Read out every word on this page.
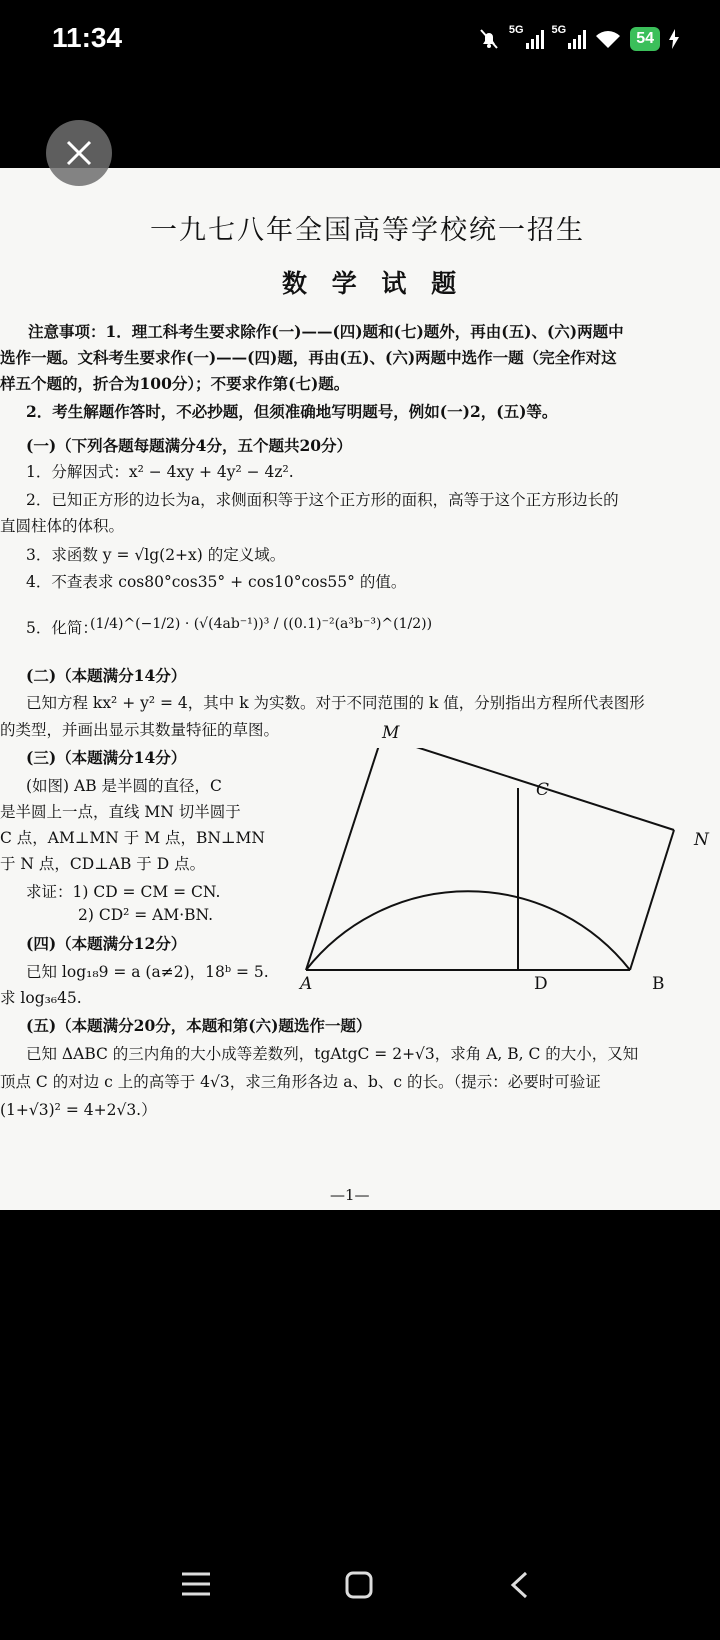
11:34	5G	5G	54
一九七八年全国高等学校统一招生
数 学 试 题
注意事项：1．理工科考生要求除作(一)——(四)题和(七)题外，再由(五)、(六)两题中
选作一题。文科考生要求作(一)——(四)题，再由(五)、(六)两题中选作一题（完全作对这
样五个题的，折合为100分）；不要求作第(七)题。
2．考生解题作答时，不必抄题，但须准确地写明题号，例如(一)2，(五)等。
(一)（下列各题每题满分4分，五个题共20分）
1．分解因式：x² − 4xy + 4y² − 4z².
2．已知正方形的边长为a，求侧面积等于这个正方形的面积，高等于这个正方形边长的
直圆柱体的体积。
3．求函数 y = √lg(2+x) 的定义域。
4．不查表求 cos80°cos35° + cos10°cos55° 的值。
5．化简：
(1/4)^(−1/2) · (√(4ab⁻¹))³ / ((0.1)⁻²(a³b⁻³)^(1/2))
(二)（本题满分14分）
已知方程 kx² + y² = 4，其中 k 为实数。对于不同范围的 k 值，分别指出方程所代表图形
的类型，并画出显示其数量特征的草图。
(三)（本题满分14分）
(如图) AB 是半圆的直径，C
是半圆上一点，直线 MN 切半圆于
C 点，AM⊥MN 于 M 点，BN⊥MN
于 N 点，CD⊥AB 于 D 点。
求证：1) CD = CM = CN.
2) CD² = AM·BN.
(四)（本题满分12分）
已知 log₁₈9 = a (a≠2)，18ᵇ = 5.
求 log₃₆45.
(五)（本题满分20分，本题和第(六)题选作一题）
已知 ΔABC 的三内角的大小成等差数列，tgAtgC = 2+√3，求角 A, B, C 的大小，又知
顶点 C 的对边 c 上的高等于 4√3，求三角形各边 a、b、c 的长。（提示：必要时可验证
(1+√3)² = 4+2√3.）
M
C
N
A	D	B
—1—
